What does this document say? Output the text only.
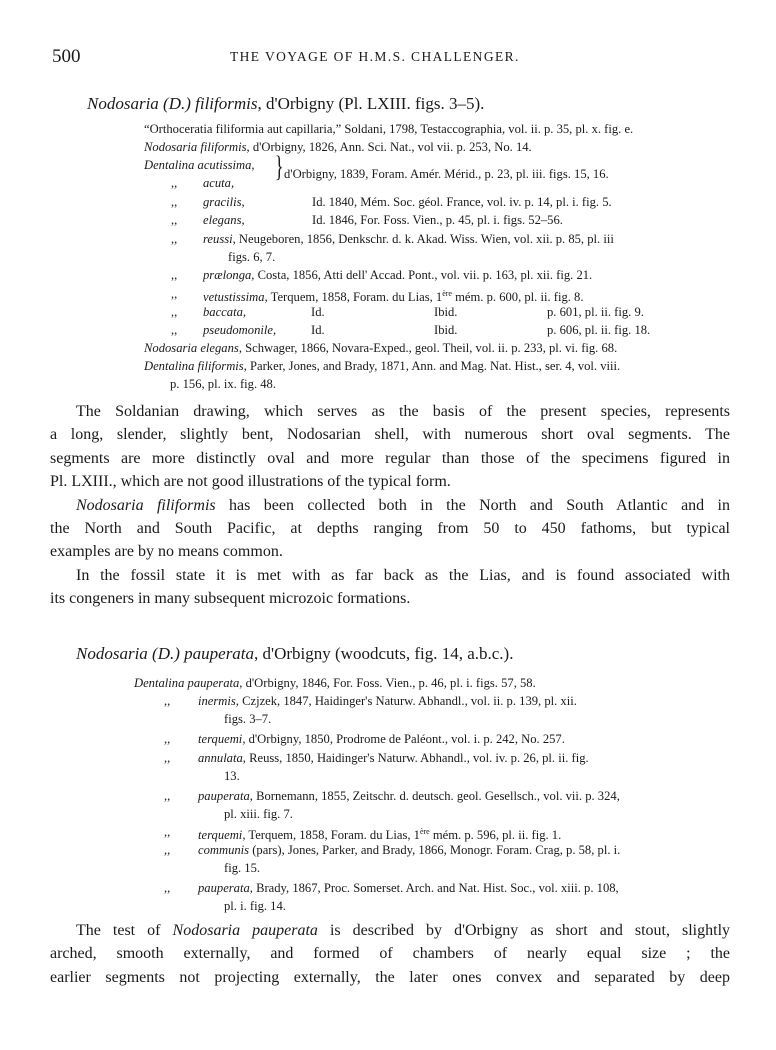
500	THE VOYAGE OF H.M.S. CHALLENGER.
Nodosaria (D.) filiformis, d'Orbigny (Pl. LXIII. figs. 3–5).
“Orthoceratia filiformia aut capillaria,” Soldani, 1798, Testaccographia, vol. ii. p. 35, pl. x. fig. e.
Nodosaria filiformis, d'Orbigny, 1826, Ann. Sci. Nat., vol vii. p. 253, No. 14.
Dentalina acutissima,
,, acuta, } d'Orbigny, 1839, Foram. Amér. Mérid., p. 23, pl. iii. figs. 15, 16.
,, gracilis,	Id. 1840, Mém. Soc. géol. France, vol. iv. p. 14, pl. i. fig. 5.
,, elegans,	Id. 1846, For. Foss. Vien., p. 45, pl. i. figs. 52–56.
,, reussi, Neugeboren, 1856, Denkschr. d. k. Akad. Wiss. Wien, vol. xii. p. 85, pl. iii
figs. 6, 7.
,, prælonga, Costa, 1856, Atti dell' Accad. Pont., vol. vii. p. 163, pl. xii. fig. 21.
,, vetustissima, Terquem, 1858, Foram. du Lias, 1ère mém. p. 600, pl. ii. fig. 8.
,, baccata,	Id.	Ibid.	p. 601, pl. ii. fig. 9.
,, pseudomonile,	Id.	Ibid.	p. 606, pl. ii. fig. 18.
Nodosaria elegans, Schwager, 1866, Novara-Exped., geol. Theil, vol. ii. p. 233, pl. vi. fig. 68.
Dentalina filiformis, Parker, Jones, and Brady, 1871, Ann. and Mag. Nat. Hist., ser. 4, vol. viii.
p. 156, pl. ix. fig. 48.
The Soldanian drawing, which serves as the basis of the present species, represents
a long, slender, slightly bent, Nodosarian shell, with numerous short oval segments. The
segments are more distinctly oval and more regular than those of the specimens figured in
Pl. LXIII., which are not good illustrations of the typical form.
Nodosaria filiformis has been collected both in the North and South Atlantic and in
the North and South Pacific, at depths ranging from 50 to 450 fathoms, but typical
examples are by no means common.
In the fossil state it is met with as far back as the Lias, and is found associated with
its congeners in many subsequent microzoic formations.
Nodosaria (D.) pauperata, d'Orbigny (woodcuts, fig. 14, a.b.c.).
Dentalina pauperata, d'Orbigny, 1846, For. Foss. Vien., p. 46, pl. i. figs. 57, 58.
,, inermis, Czjzek, 1847, Haidinger's Naturw. Abhandl., vol. ii. p. 139, pl. xii.
figs. 3–7.
,, terquemi, d'Orbigny, 1850, Prodrome de Paléont., vol. i. p. 242, No. 257.
,, annulata, Reuss, 1850, Haidinger's Naturw. Abhandl., vol. iv. p. 26, pl. ii. fig.
13.
,, pauperata, Bornemann, 1855, Zeitschr. d. deutsch. geol. Gesellsch., vol. vii. p. 324,
pl. xiii. fig. 7.
,, terquemi, Terquem, 1858, Foram. du Lias, 1ère mém. p. 596, pl. ii. fig. 1.
,, communis (pars), Jones, Parker, and Brady, 1866, Monogr. Foram. Crag, p. 58, pl. i.
fig. 15.
,, pauperata, Brady, 1867, Proc. Somerset. Arch. and Nat. Hist. Soc., vol. xiii. p. 108,
pl. i. fig. 14.
The test of Nodosaria pauperata is described by d'Orbigny as short and stout, slightly
arched, smooth externally, and formed of chambers of nearly equal size ; the
earlier segments not projecting externally, the later ones convex and separated by deep
